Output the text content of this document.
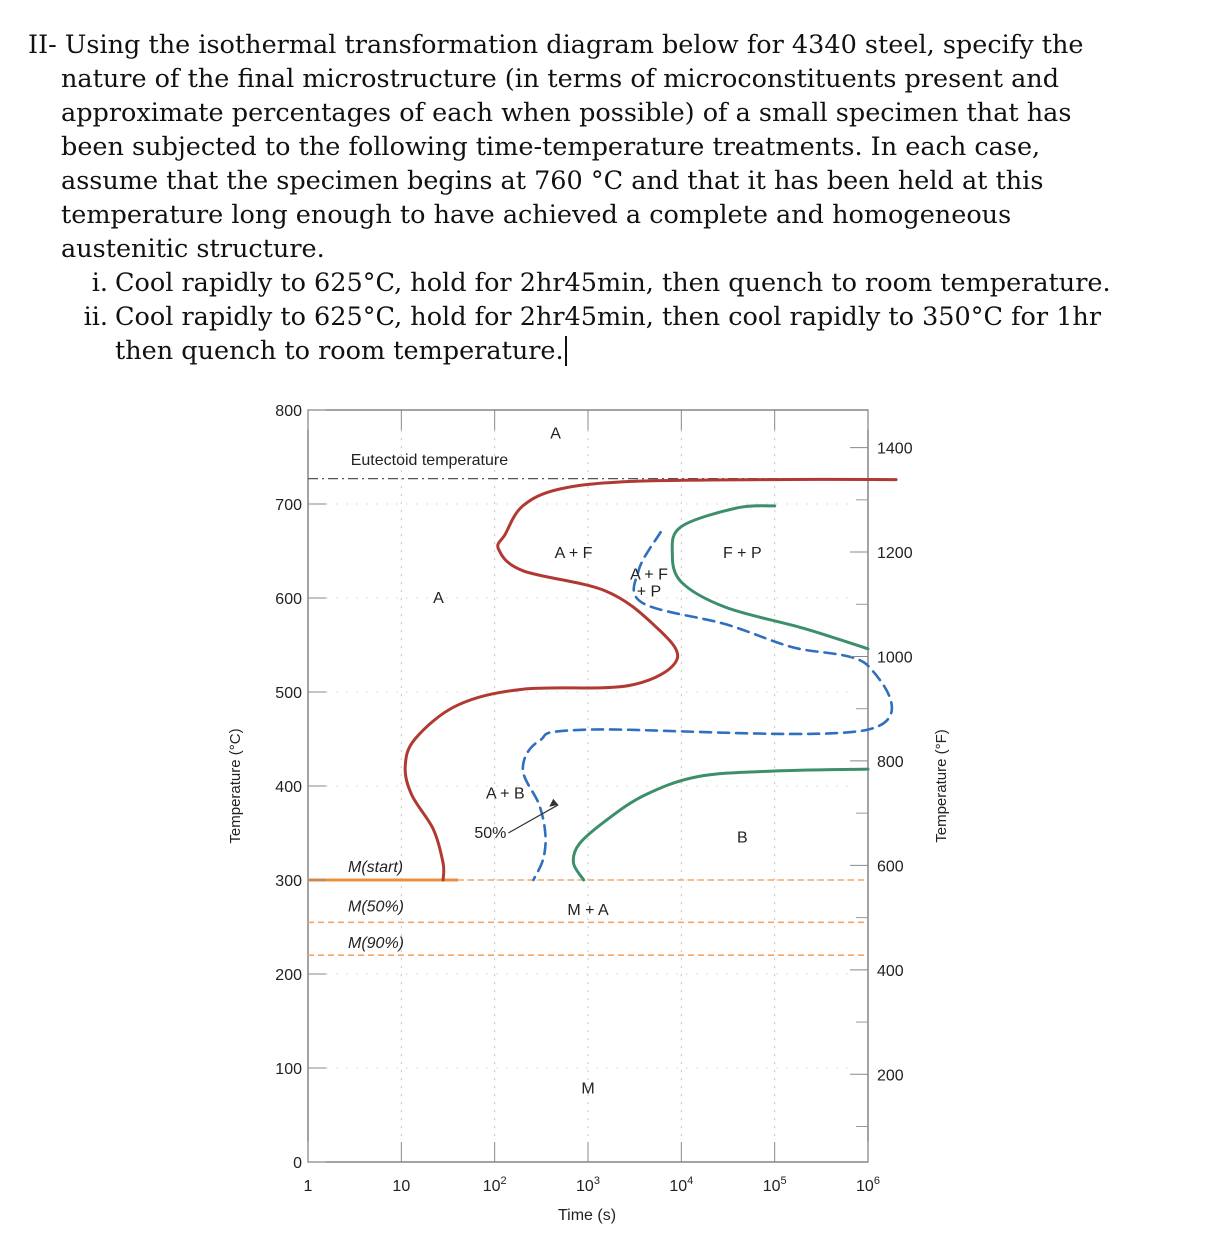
II- Using the isothermal transformation diagram below for 4340 steel, specify the
nature of the final microstructure (in terms of microconstituents present and
approximate percentages of each when possible) of a small specimen that has
been subjected to the following time-temperature treatments. In each case,
assume that the specimen begins at 760 °C and that it has been held at this
temperature long enough to have achieved a complete and homogeneous
austenitic structure.
i. Cool rapidly to 625°C, hold for 2hr45min, then quench to room temperature.
ii. Cool rapidly to 625°C, hold for 2hr45min, then cool rapidly to 350°C for 1hr
then quench to room temperature.
M(start)
M(50%)
M(90%)
0
100
200
300
400
500
600
700
800
200
400
600
800
1000
1200
1400
1	10	$10^2$	$10^3$	$10^4$	$10^5$	$10^6$
Eutectoid temperature
A
A + F
A + F
+ P
F + P
A
A + B
50%	B
M + A
M
Temperature (°C)	Temperature (°F)
Time (s)
